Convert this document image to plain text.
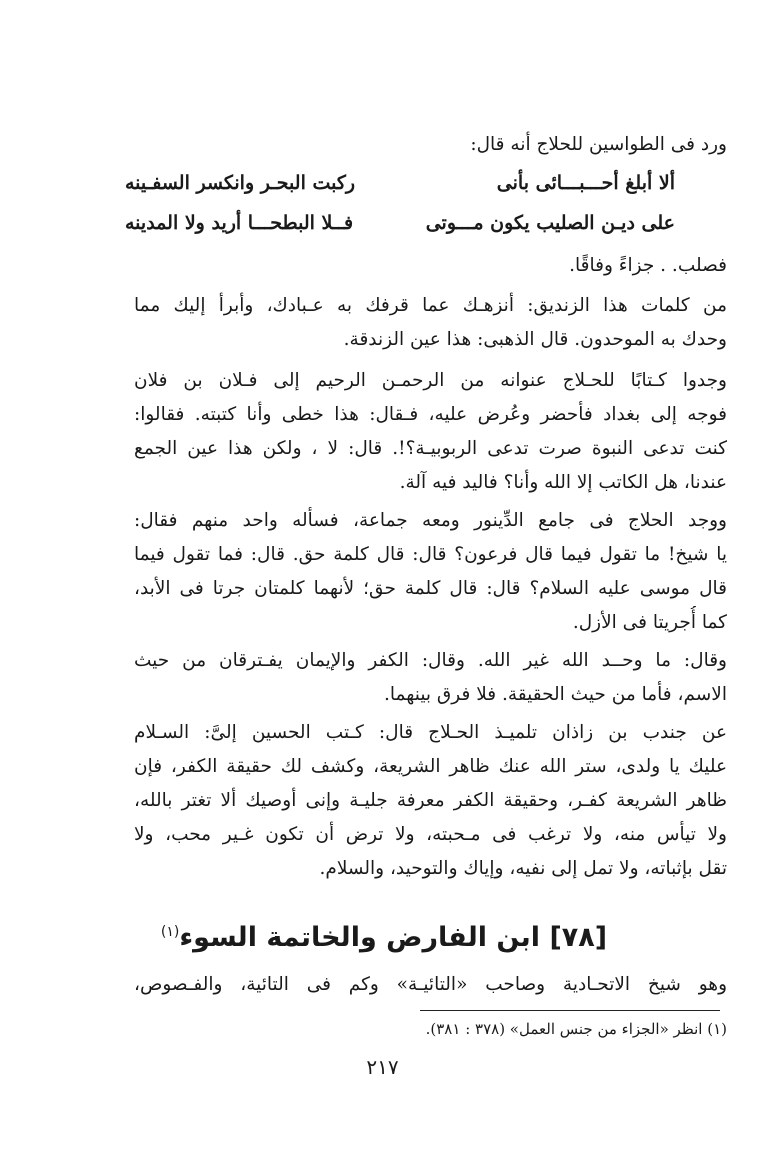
ورد فى الطواسين للحلاج أنه قال:

ألا أبلغ أحـــبـــائى بأنى
ركبت البحـر وانكسر السفـينه
على ديـن الصليب يكون مـــوتى
فــلا البطحـــا أريد ولا المدينه

فصلب. . جزاءً وفاقًا.

من كلمات هذا الزنديق: أنزهـك عما قرفك به عـبادك، وأبرأ إليك مما

وحدك به الموحدون. قال الذهبى: هذا عين الزندقة.

وجدوا كـتابًا للحـلاج عنوانه من الرحمـن الرحيم إلى فـلان بن فلان

فوجه إلى بغداد فأحضر وعُرض عليه، فـقال: هذا خطى وأنا كتبته. فقالوا:

كنت تدعى النبوة صرت تدعى الربوبيـة؟!. قال: لا ، ولكن هذا عين الجمع

عندنا، هل الكاتب إلا الله وأنا؟ فاليد فيه آلة.

ووجد الحلاج فى جامع الدِّينور ومعه جماعة، فسأله واحد منهم فقال:

يا شيخ! ما تقول فيما قال فرعون؟ قال: قال كلمة حق. قال: فما تقول فيما

قال موسى عليه السلام؟ قال: قال كلمة حق؛ لأنهما كلمتان جرتا فى الأبد،

كما أُجريتا فى الأزل.

وقال: ما وحــد الله غير الله. وقال: الكفر والإيمان يفـترقان من حيث

الاسم، فأما من حيث الحقيقة. فلا فرق بينهما.

عن جندب بن زاذان تلميـذ الحـلاج قال: كـتب الحسين إلىَّ: السـلام

عليك يا ولدى، ستر الله عنك ظاهر الشريعة، وكشف لك حقيقة الكفر، فإن

ظاهر الشريعة كفـر، وحقيقة الكفر معرفة جليـة وإنى أوصيك ألا تغتر بالله،

ولا تيأس منه، ولا ترغب فى مـحبته، ولا ترض أن تكون غـير محب، ولا

تقل بإثباته، ولا تمل إلى نفيه، وإياك والتوحيد، والسلام.

[٧٨] ابن الفارض والخاتمة السوء$^{(١)}$

وهو شيخ الاتحـادية وصاحب «التائيـة» وكم فى التائية، والفـصوص،

(١) انظر «الجزاء من جنس العمل» (٣٧٨ : ٣٨١).
٢١٧
